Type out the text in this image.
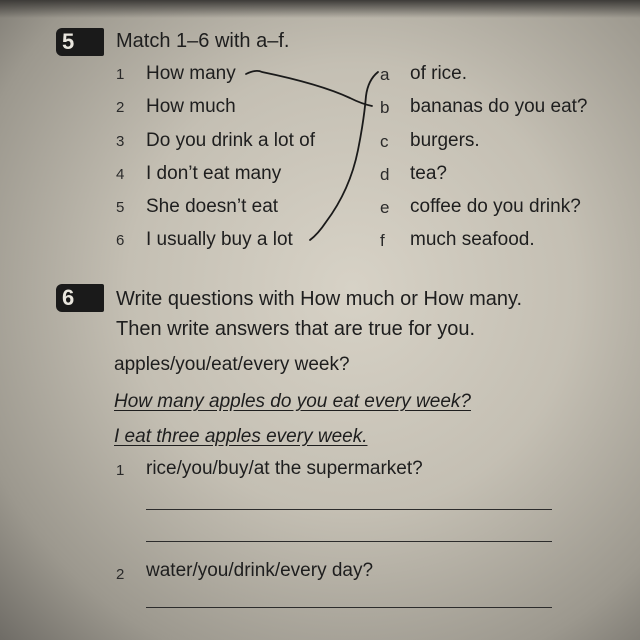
5	Match 1–6 with a–f.
1 How many
2 How much
3 Do you drink a lot of
4 I don’t eat many
5 She doesn’t eat
6 I usually buy a lot
a of rice.
b bananas do you eat?
c burgers.
d tea?
e coffee do you drink?
f much seafood.
6	Write questions with How much or How many.
Then write answers that are true for you.
apples/you/eat/every week?
How many apples do you eat every week?
I eat three apples every week.
1 rice/you/buy/at the supermarket?
2 water/you/drink/every day?
